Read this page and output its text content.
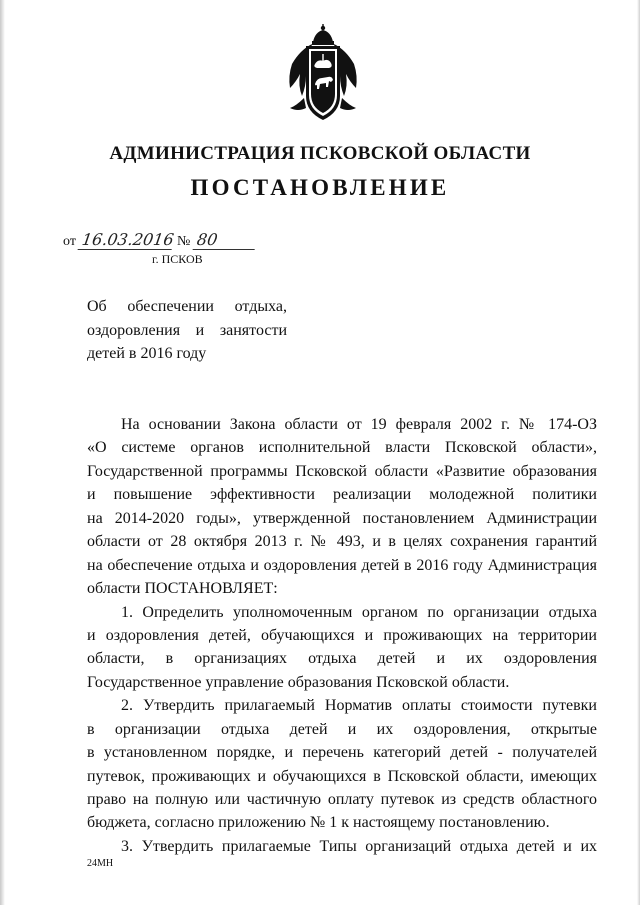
АДМИНИСТРАЦИЯ ПСКОВСКОЙ ОБЛАСТИ
ПОСТАНОВЛЕНИЕ
от 16.03.2016 № 80
г. ПСКОВ
Об обеспечении отдыха,
оздоровления и занятости
детей в 2016 году
На основании Закона области от 19 февраля 2002 г. № 174-ОЗ
«О системе органов исполнительной власти Псковской области»,
Государственной программы Псковской области «Развитие образования
и повышение эффективности реализации молодежной политики
на 2014-2020 годы», утвержденной постановлением Администрации
области от 28 октября 2013 г. № 493, и в целях сохранения гарантий
на обеспечение отдыха и оздоровления детей в 2016 году Администрация
области ПОСТАНОВЛЯЕТ:
1. Определить уполномоченным органом по организации отдыха
и оздоровления детей, обучающихся и проживающих на территории
области, в организациях отдыха детей и их оздоровления
Государственное управление образования Псковской области.
2. Утвердить прилагаемый Норматив оплаты стоимости путевки
в организации отдыха детей и их оздоровления, открытые
в установленном порядке, и перечень категорий детей - получателей
путевок, проживающих и обучающихся в Псковской области, имеющих
право на полную или частичную оплату путевок из средств областного
бюджета, согласно приложению № 1 к настоящему постановлению.
3. Утвердить прилагаемые Типы организаций отдыха детей и их
24МН
